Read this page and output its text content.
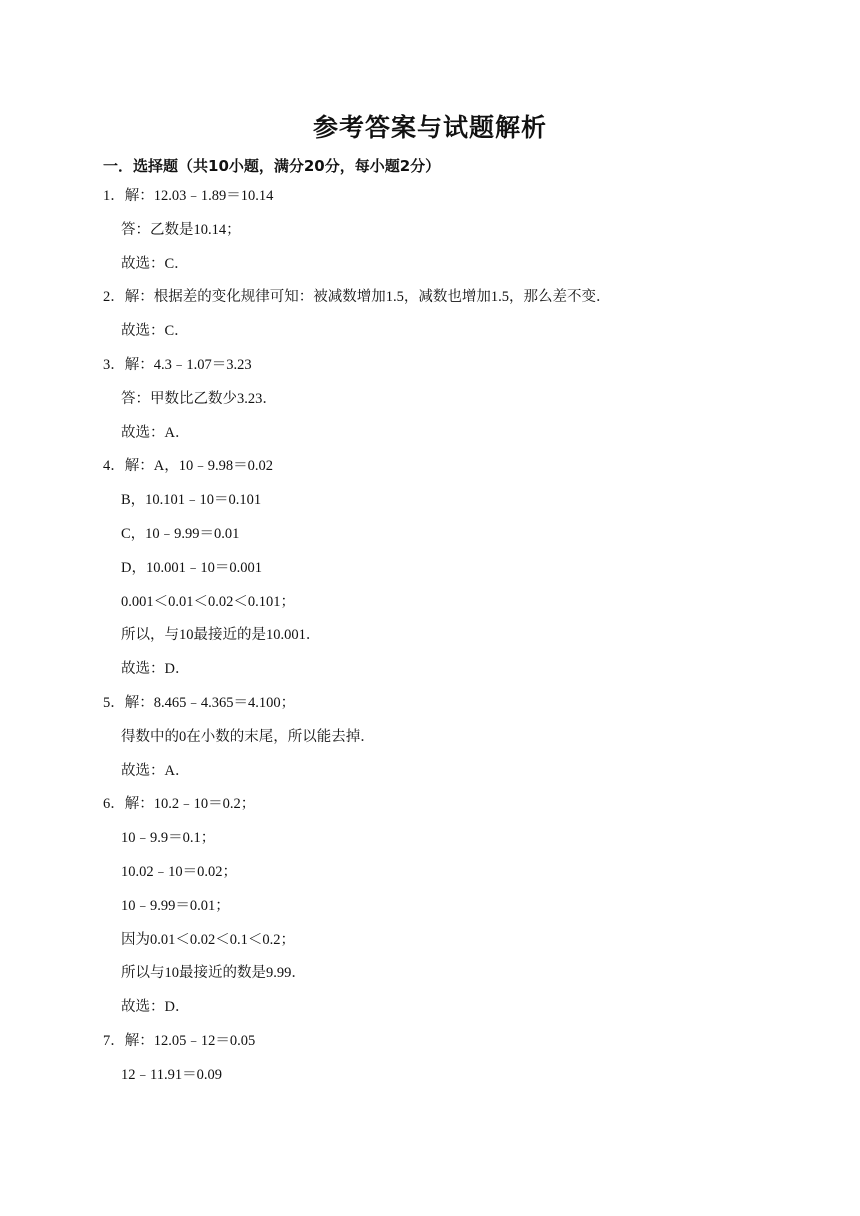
参考答案与试题解析
一．选择题（共10小题，满分20分，每小题2分）
1．解：12.03﹣1.89＝10.14
答：乙数是10.14；
故选：C．
2．解：根据差的变化规律可知：被减数增加1.5，减数也增加1.5，那么差不变．
故选：C．
3．解：4.3﹣1.07＝3.23
答：甲数比乙数少3.23．
故选：A．
4．解：A，10﹣9.98＝0.02
B，10.101﹣10＝0.101
C，10﹣9.99＝0.01
D，10.001﹣10＝0.001
0.001＜0.01＜0.02＜0.101；
所以，与10最接近的是10.001．
故选：D．
5．解：8.465﹣4.365＝4.100；
得数中的0在小数的末尾，所以能去掉．
故选：A．
6．解：10.2﹣10＝0.2；
10﹣9.9＝0.1；
10.02﹣10＝0.02；
10﹣9.99＝0.01；
因为0.01＜0.02＜0.1＜0.2；
所以与10最接近的数是9.99．
故选：D．
7．解：12.05﹣12＝0.05
12﹣11.91＝0.09
